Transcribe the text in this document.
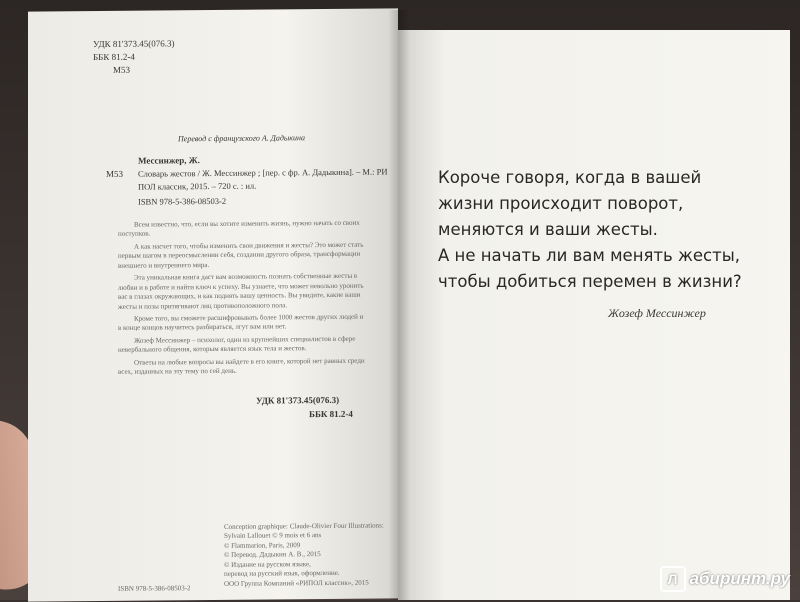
УДК 81'373.45(076.3)
ББК 81.2-4
М53
Перевод с французского А. Дадыкина
Мессинжер, Ж.
М53 Словарь жестов / Ж. Мессинжер ; [пер. с фр. А. Дадыкина]. – М.: РИ
ПОЛ классик, 2015. – 720 с. : ил.
ISBN 978-5-386-08503-2

Всем известно, что, если вы хотите изменить жизнь, нужно начать со своих поступков.

А как насчет того, чтобы изменить свои движения и жесты? Это может стать первым шагом в переосмыслении себя, создании другого образа, трансформации внешнего и внутреннего мира.

Эта уникальная книга даст вам возможность познать собственные жесты в любви и в работе и найти ключ к успеху. Вы узнаете, что может невольно уронить вас в глазах окружающих, и как поднять вашу ценность. Вы увидите, какие ваши жесты и позы притягивают лиц противоположного пола.

Кроме того, вы сможете расшифровывать более 1000 жестов других людей и в конце концов научитесь разбираться, лгут вам или нет.

Жозеф Мессинжер – психолог, один из крупнейших специалистов в сфере невербального общения, которым является язык тела и жестов.

Ответы на любые вопросы вы найдете в его книге, которой нет равных среди всех, изданных на эту тему по сей день.

УДК 81'373.45(076.3)
ББК 81.2-4
Conception graphique: Claude-Olivier Four Illustrations:
Sylvain Lallouet © 9 mois et 6 ans
© Flammarion, Paris, 2009
© Перевод. Дадыкин А. В., 2015
© Издание на русском языке,
перевод на русский язык, оформление.
ООО Группа Компаний «РИПОЛ классик», 2015
ISBN 978-5-386-08503-2
Короче говоря, когда в вашей
жизни происходит поворот,
меняются и ваши жесты.
А не начать ли вам менять жесты,
чтобы добиться перемен в жизни?
Жозеф Мессинжер
Л абиринт.ру
